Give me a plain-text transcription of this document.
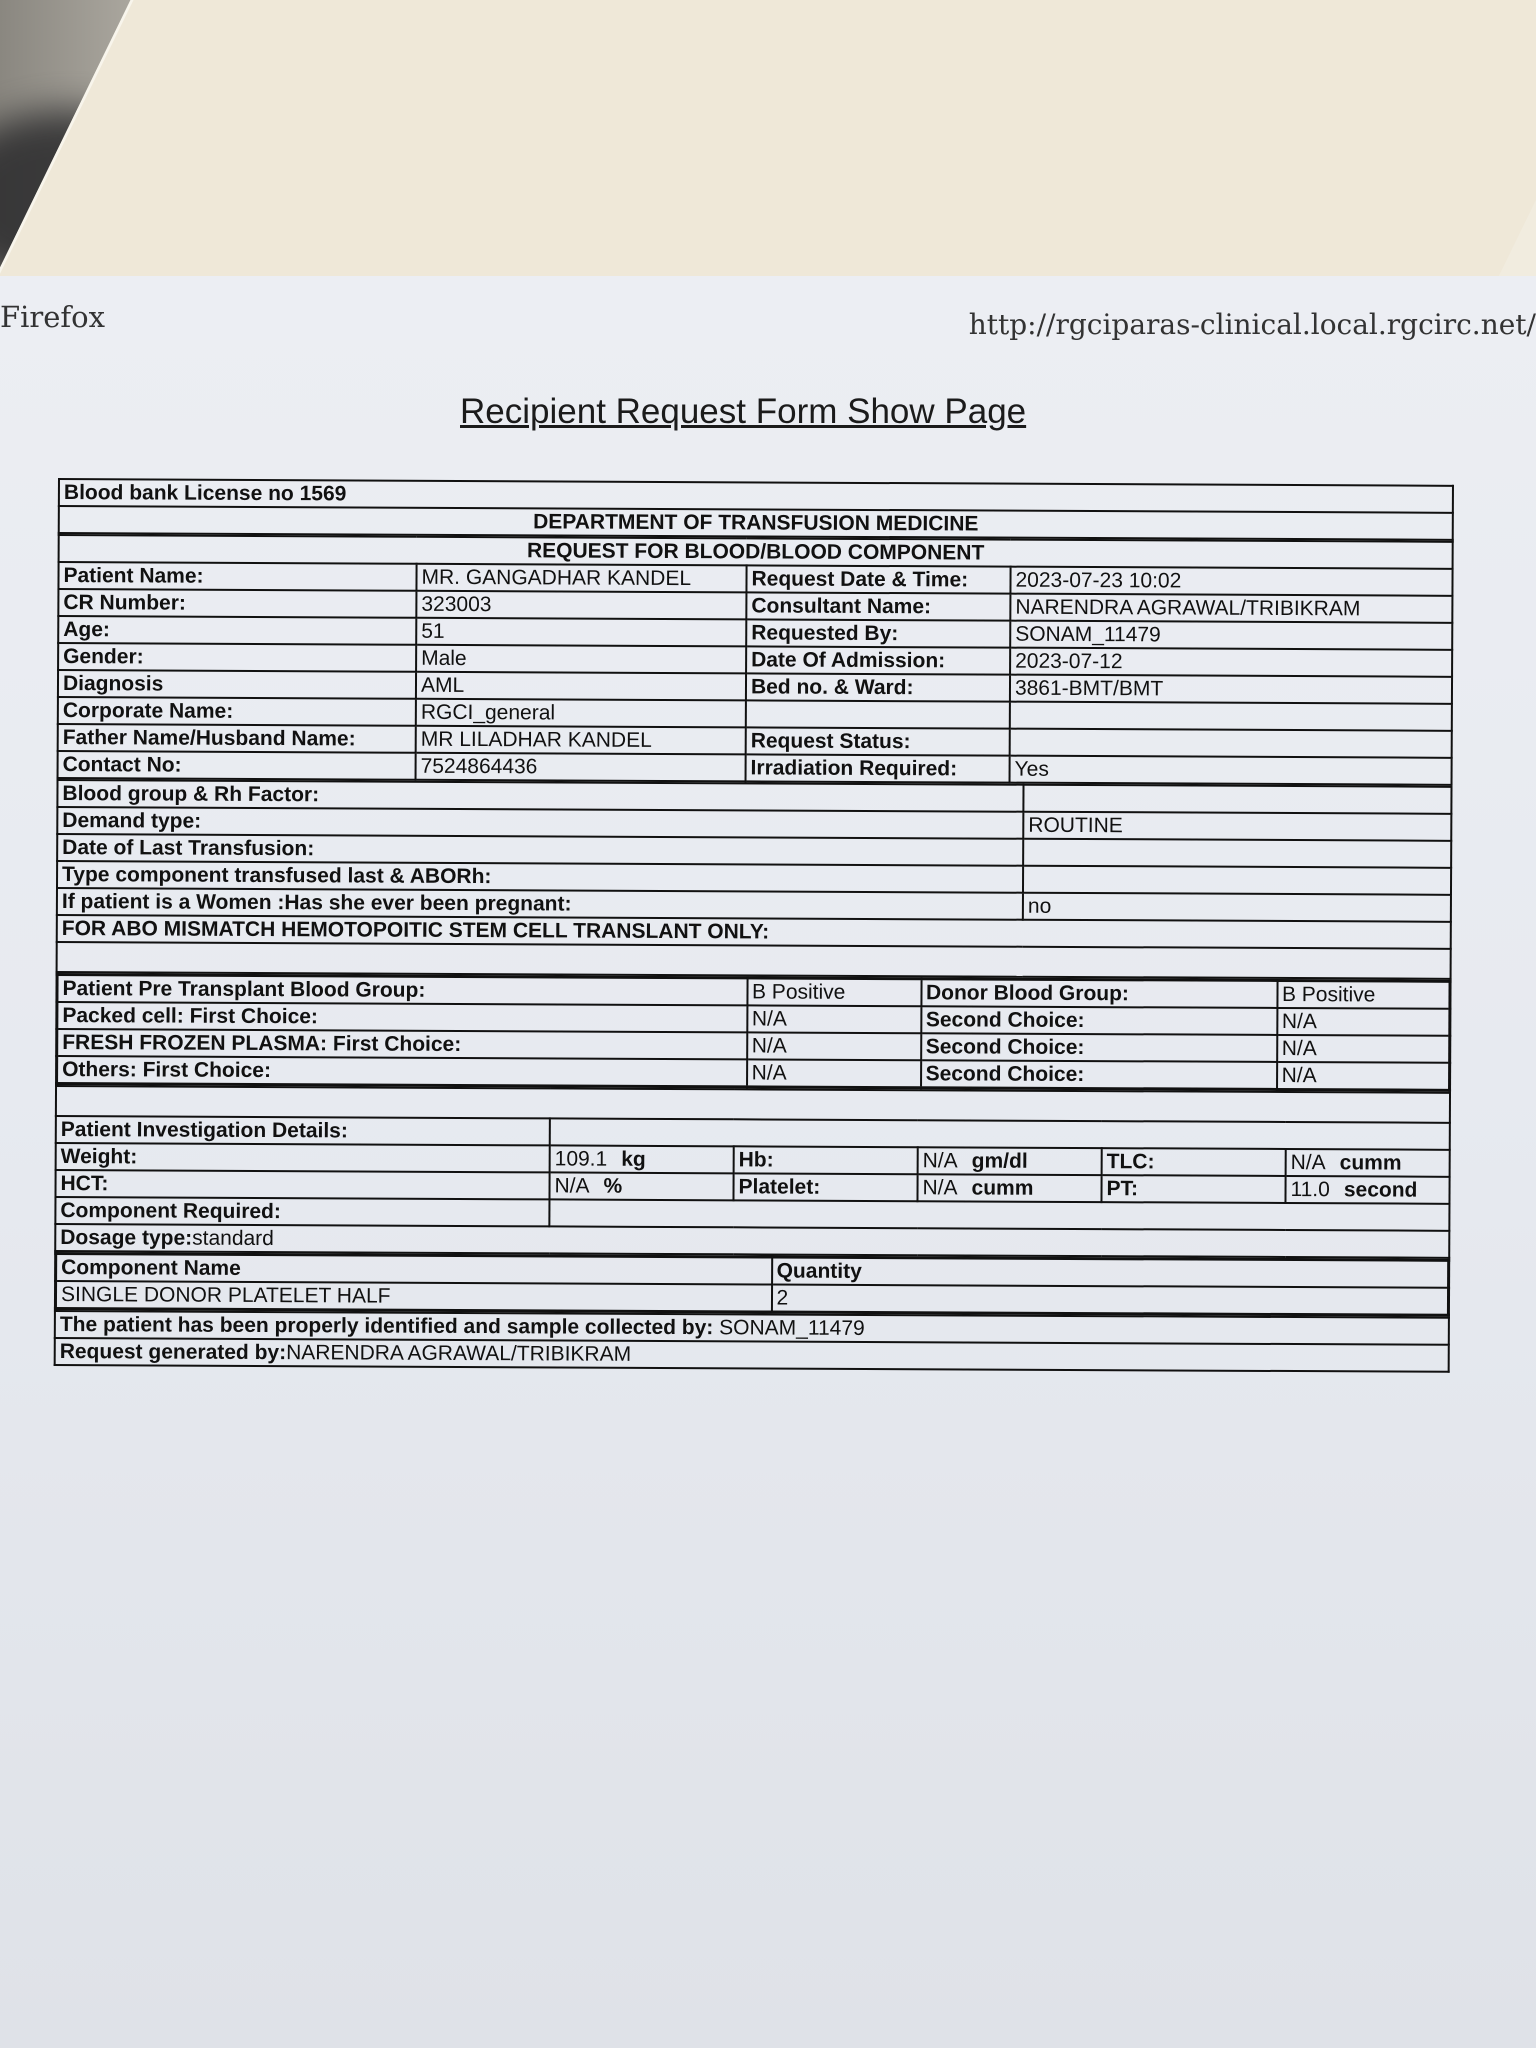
Firefox	http://rgciparas-clinical.local.rgcirc.net/
Recipient Request Form Show Page
Blood bank License no 1569
DEPARTMENT OF TRANSFUSION MEDICINE
REQUEST FOR BLOOD/BLOOD COMPONENT			
Patient Name:	MR. GANGADHAR KANDEL	Request Date & Time:	2023-07-23 10:02
CR Number:	323003	Consultant Name:	NARENDRA AGRAWAL/TRIBIKRAM
Age:	51	Requested By:	SONAM_11479
Gender:	Male	Date Of Admission:	2023-07-12
Diagnosis	AML	Bed no. & Ward:	3861-BMT/BMT
Corporate Name:	RGCI_general		
Father Name/Husband Name:	MR LILADHAR KANDEL	Request Status:	
Contact No:	7524864436	Irradiation Required:	Yes
Blood group & Rh Factor:	
Demand type:	ROUTINE
Date of Last Transfusion:	
Type component transfused last & ABORh:	
If patient is a Women :Has she ever been pregnant:	no
FOR ABO MISMATCH HEMOTOPOITIC STEM CELL TRANSLANT ONLY:	

Patient Pre Transplant Blood Group:	B Positive	Donor Blood Group:	B Positive
Packed cell: First Choice:	N/A	Second Choice:	N/A
FRESH FROZEN PLASMA: First Choice:	N/A	Second Choice:	N/A
Others: First Choice:	N/A	Second Choice:	N/A

Patient Investigation Details:					
Weight:	109.1 kg	Hb:	N/A gm/dl	TLC:	N/A cumm
HCT:	N/A %	Platelet:	N/A cumm	PT:	11.0 second
Component Required:					
Dosage type:standard					
Component Name	Quantity
SINGLE DONOR PLATELET HALF	2
The patient has been properly identified and sample collected by: SONAM_11479
Request generated by:NARENDRA AGRAWAL/TRIBIKRAM
